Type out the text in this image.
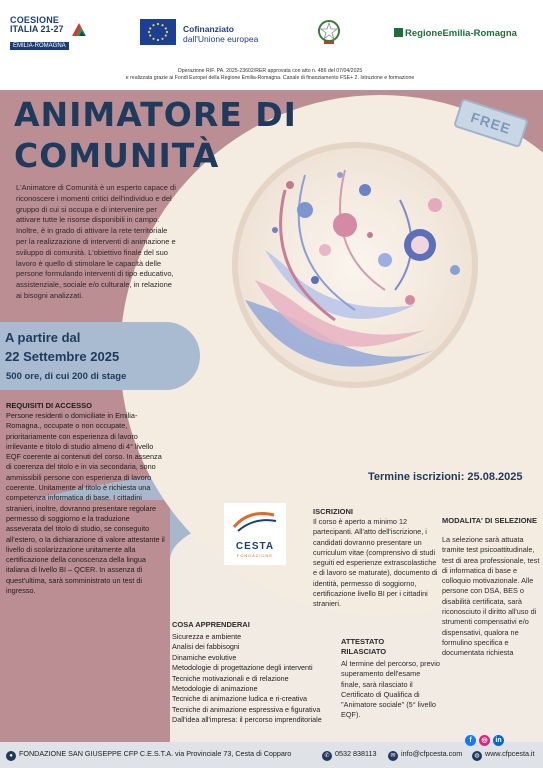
COESIONE
ITALIA 21-27
EMILIA-ROMAGNA
Cofinanziato
dall'Unione europea	RegioneEmilia-Romagna
Operazione RIF. PA. 2025-23602/RER approvata con atto n. 486 del 07/04/2025
e realizzata grazie ai Fondi Europei della Regione Emilia-Romagna. Canale di finanziamento FSE+ 2. Istruzione e formazione
ANIMATORE DI
COMUNITÀ
FREE
L'Animatore di Comunità è un esperto capace di riconoscere i momenti critici dell'individuo e del gruppo di cui si occupa e di intervenire per attivare tutte le risorse disponibili in campo. Inoltre, è in grado di attivare la rete territoriale per la realizzazione di interventi di animazione e sviluppo di comunità. L'obiettivo finale del suo lavoro è quello di stimolare le capacità delle persone formulando interventi di tipo educativo, assistenziale, sociale e/o culturale, in relazione ai bisogni analizzati.
A partire dal
22 Settembre 2025
500 ore, di cui 200 di stage
REQUISITI DI ACCESSO
Persone residenti o domiciliate in Emilia-Romagna., occupate o non occupate, prioritariamente con esperienza di lavoro irrilevante e titolo di studio almeno di 4° livello EQF coerente ai contenuti del corso. In assenza di coerenza del titolo e in via secondaria, sono ammissibili persone con esperienza di lavoro coerente. Unitamente al titolo è richiesta una competenza informatica di base. I cittadini stranieri, inoltre, dovranno presentare regolare permesso di soggiorno e la traduzione asseverata del titolo di studio, se conseguito all'estero, o la dichiarazione di valore attestante il livello di scolarizzazione unitamente alla certificazione della conoscenza della lingua italiana di livello BI – QCER. In assenza di quest'ultima, sarà somministrato un test di ingresso.
Termine iscrizioni: 25.08.2025
CESTA
FONDAZIONE
ISCRIZIONI
Il corso è aperto a minimo 12 partecipanti. All'atto dell'iscrizione, i candidati dovranno presentare un curriculum vitae (comprensivo di studi seguiti ed esperienze extrascolastiche e di lavoro se maturate), documento di identità, permesso di soggiorno, certificazione livello BI per i cittadini stranieri.
MODALITA' DI SELEZIONE
La selezione sarà attuata tramite test psicoattitudinale, test di area professionale, test di informatica di base e colloquio motivazionale. Alle persone con DSA, BES o disabilità certificata, sarà riconosciuto il diritto all'uso di strumenti compensativi e/o dispensativi, qualora ne formulino specifica e documentata richiesta
COSA APPRENDERAI
Sicurezza e ambiente
Analisi dei fabbisogni
Dinamiche evolutive
Metodologie di progettazione degli interventi
Tecniche motivazionali e di relazione
Metodologie di animazione
Tecniche di animazione ludica e ri-creativa
Tecniche di animazione espressiva e figurativa
Dall'idea all'impresa: il percorso imprenditoriale
ATTESTATO RILASCIATO
Al termine del percorso, previo superamento dell'esame finale, sarà rilasciato il Certificato di Qualifica di "Animatore sociale" (5° livello EQF).
f ◎ in
● FONDAZIONE SAN GIUSEPPE CFP C.E.S.T.A. via Provinciale 73, Cesta di Copparo	✆ 0532 838113	✉ info@cfpcesta.com	◍ www.cfpcesta.it
